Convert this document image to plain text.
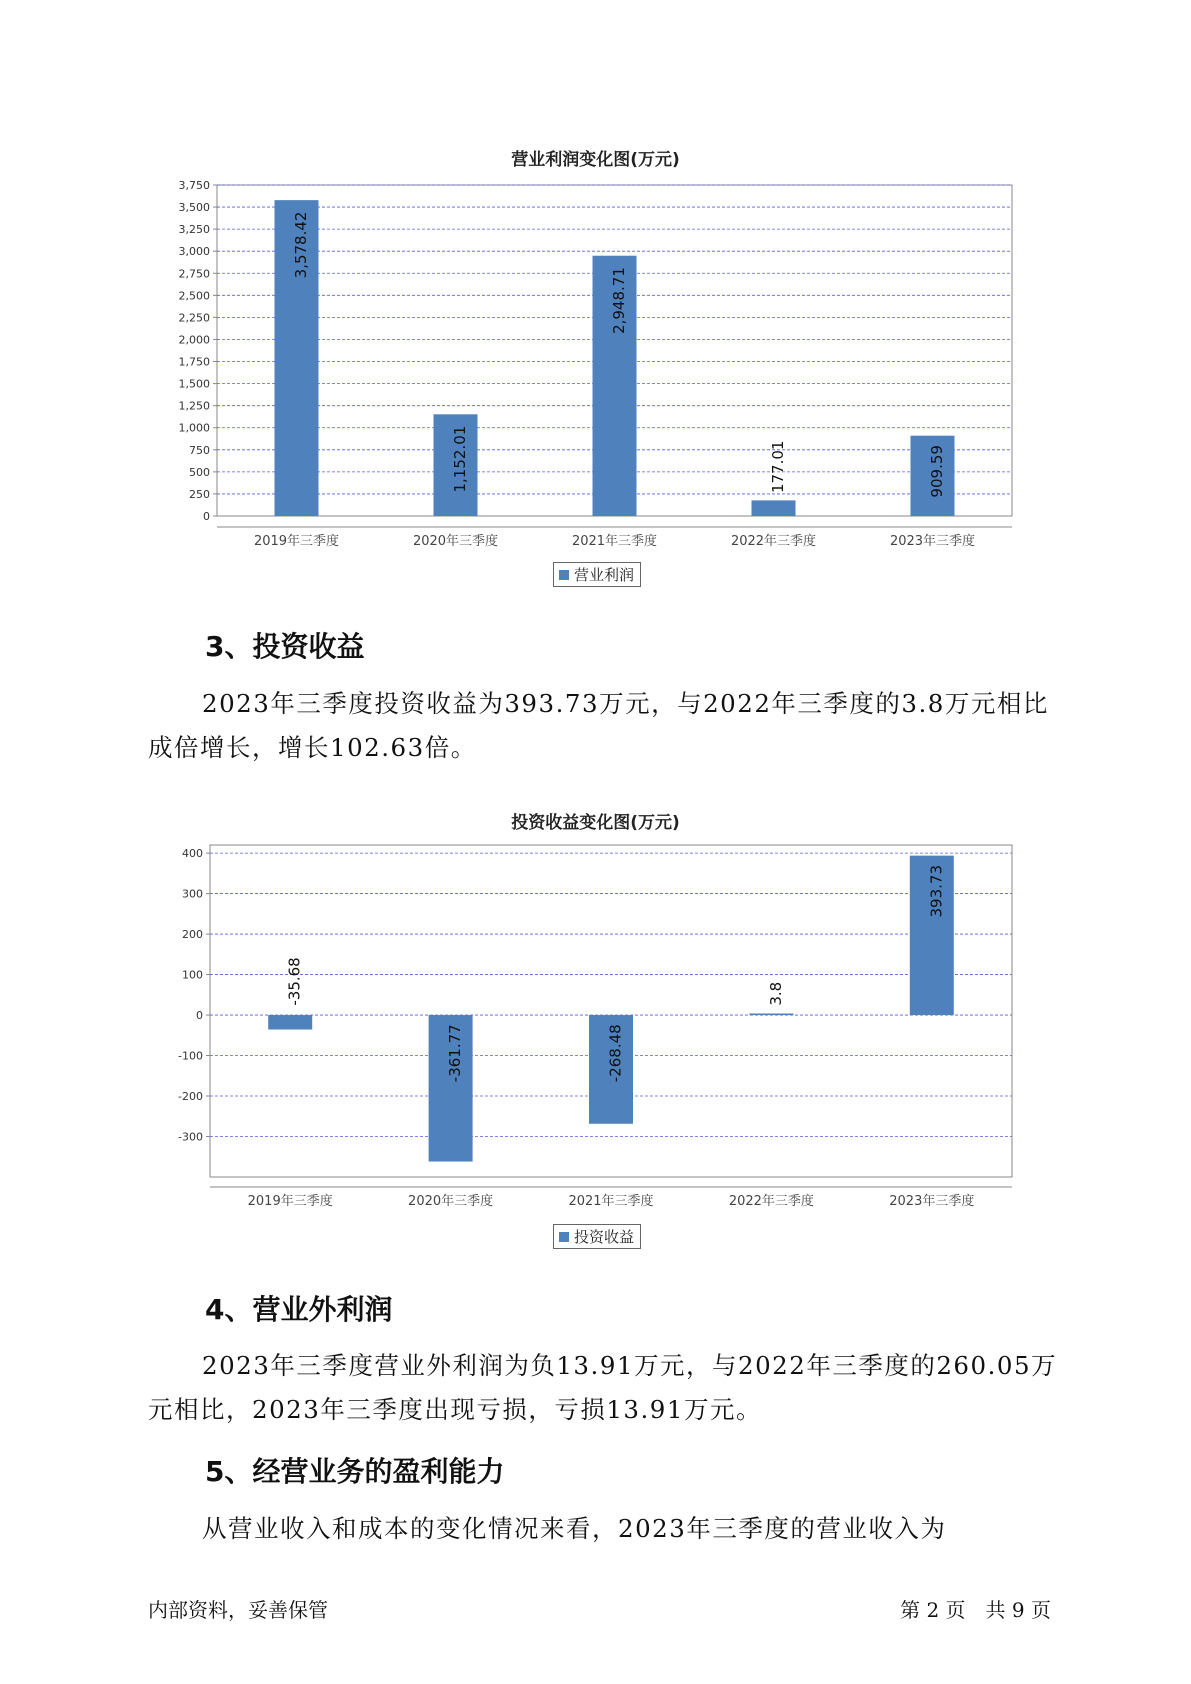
营业利润变化图(万元)
0
250
500
750
1,000
1,250
1,500
1,750
2,000
2,250
2,500
2,750
3,000
3,250
3,500
3,750
2019年三季度
3,578.42
2020年三季度
1,152.01
2021年三季度
2,948.71
2022年三季度
177.01
2023年三季度
909.59
营业利润
3、投资收益
2023年三季度投资收益为393.73万元，与2022年三季度的3.8万元相比成倍增长，增长102.63倍。
投资收益变化图(万元)
-300
-200
-100
0
100
200
300
400
2019年三季度
-35.68
2020年三季度
-361.77
2021年三季度
-268.48
2022年三季度
3.8
2023年三季度
393.73
投资收益
4、营业外利润
2023年三季度营业外利润为负13.91万元，与2022年三季度的260.05万元相比，2023年三季度出现亏损，亏损13.91万元。
5、经营业务的盈利能力
从营业收入和成本的变化情况来看，2023年三季度的营业收入为
内部资料，妥善保管	第 2 页　共 9 页
